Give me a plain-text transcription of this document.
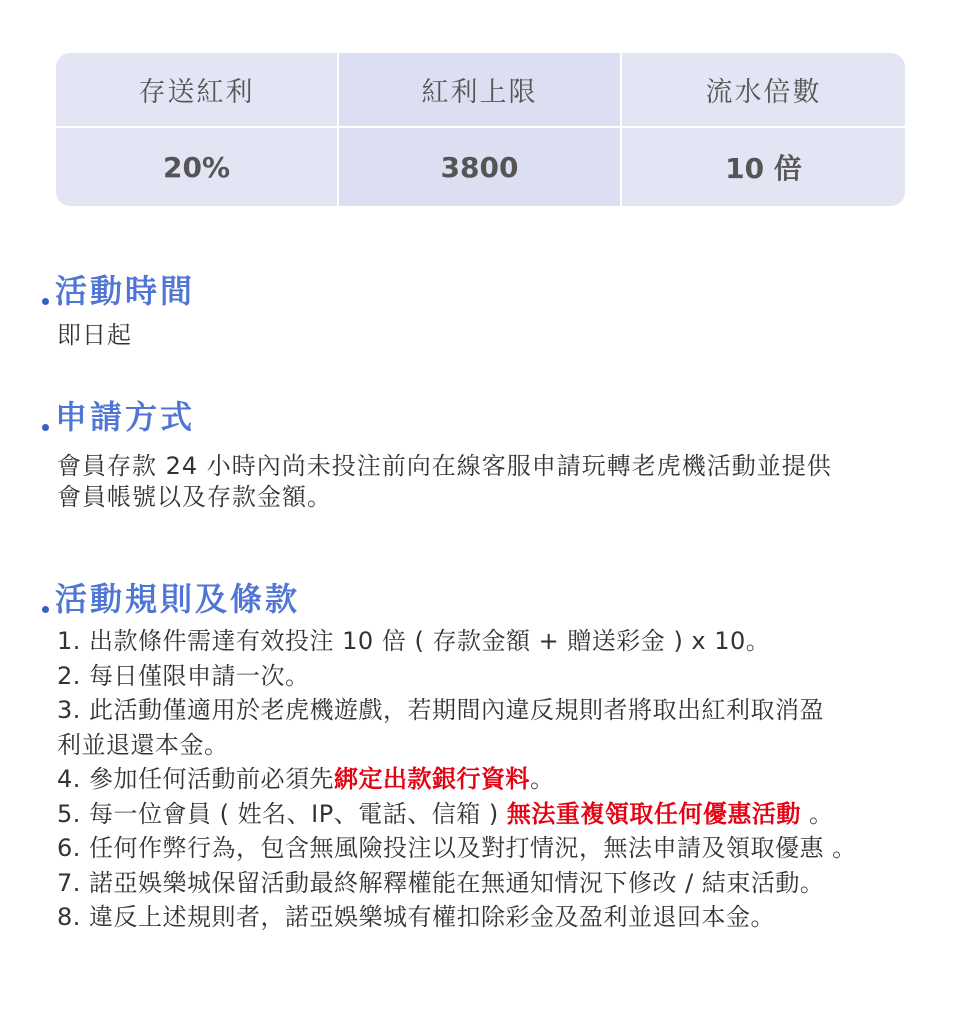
存送紅利	紅利上限	流水倍數
20%	3800	10 倍
活動時間

即日起

申請方式

會員存款 24 小時內尚未投注前向在線客服申請玩轉老虎機活動並提供
會員帳號以及存款金額。

活動規則及條款
1. 出款條件需達有效投注 10 倍 ( 存款金額 + 贈送彩金 ) x 10。
2. 每日僅限申請一次。
3. 此活動僅適用於老虎機遊戲，若期間內違反規則者將取出紅利取消盈
利並退還本金。
4. 參加任何活動前必須先綁定出款銀行資料。
5. 每一位會員 ( 姓名、IP、電話、信箱 ) 無法重複領取任何優惠活動 。
6. 任何作弊行為，包含無風險投注以及對打情況，無法申請及領取優惠 。
7. 諾亞娛樂城保留活動最終解釋權能在無通知情況下修改 / 結束活動。
8. 違反上述規則者，諾亞娛樂城有權扣除彩金及盈利並退回本金。
